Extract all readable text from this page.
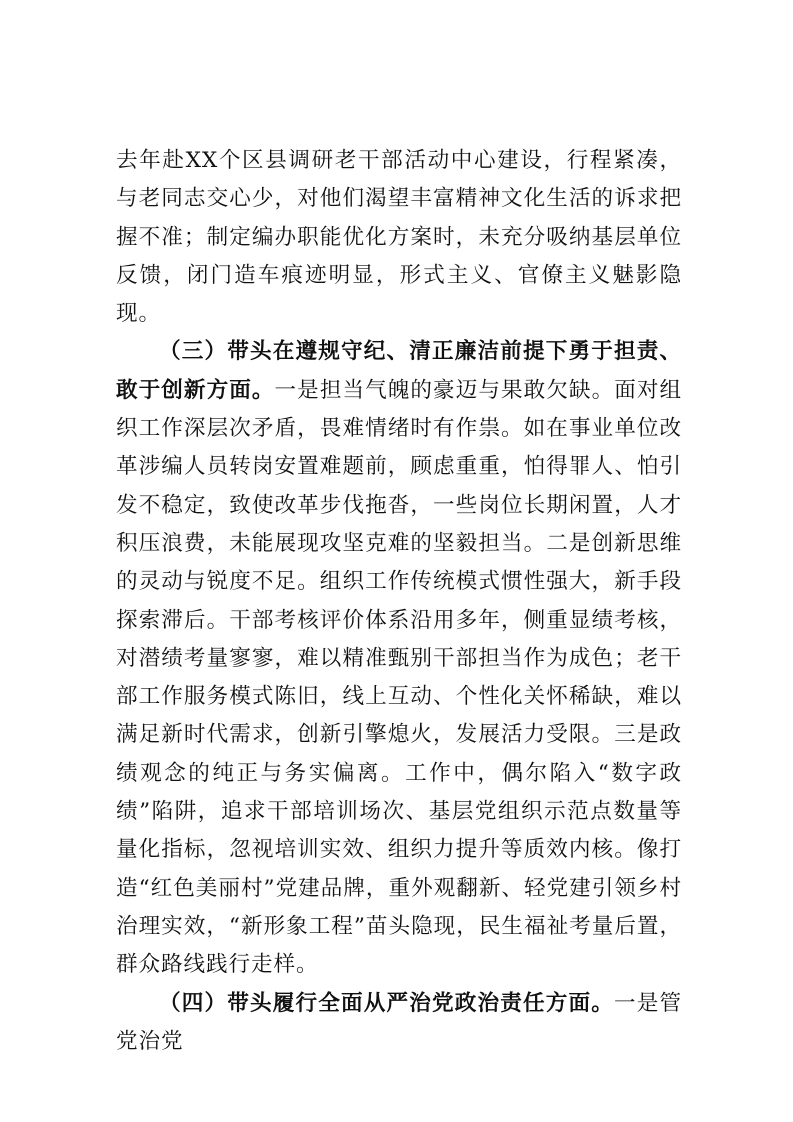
去年赴XX个区县调研老干部活动中心建设，行程紧凑，与老同志交心少，对他们渴望丰富精神文化生活的诉求把握不准；制定编办职能优化方案时，未充分吸纳基层单位反馈，闭门造车痕迹明显，形式主义、官僚主义魅影隐现。

（三）带头在遵规守纪、清正廉洁前提下勇于担责、敢于创新方面。一是担当气魄的豪迈与果敢欠缺。面对组织工作深层次矛盾，畏难情绪时有作祟。如在事业单位改革涉编人员转岗安置难题前，顾虑重重，怕得罪人、怕引发不稳定，致使改革步伐拖沓，一些岗位长期闲置，人才积压浪费，未能展现攻坚克难的坚毅担当。二是创新思维的灵动与锐度不足。组织工作传统模式惯性强大，新手段探索滞后。干部考核评价体系沿用多年，侧重显绩考核，对潜绩考量寥寥，难以精准甄别干部担当作为成色；老干部工作服务模式陈旧，线上互动、个性化关怀稀缺，难以满足新时代需求，创新引擎熄火，发展活力受限。三是政绩观念的纯正与务实偏离。工作中，偶尔陷入“数字政绩”陷阱，追求干部培训场次、基层党组织示范点数量等量化指标，忽视培训实效、组织力提升等质效内核。像打造“红色美丽村”党建品牌，重外观翻新、轻党建引领乡村治理实效，“新形象工程”苗头隐现，民生福祉考量后置，群众路线践行走样。

（四）带头履行全面从严治党政治责任方面。一是管党治党
